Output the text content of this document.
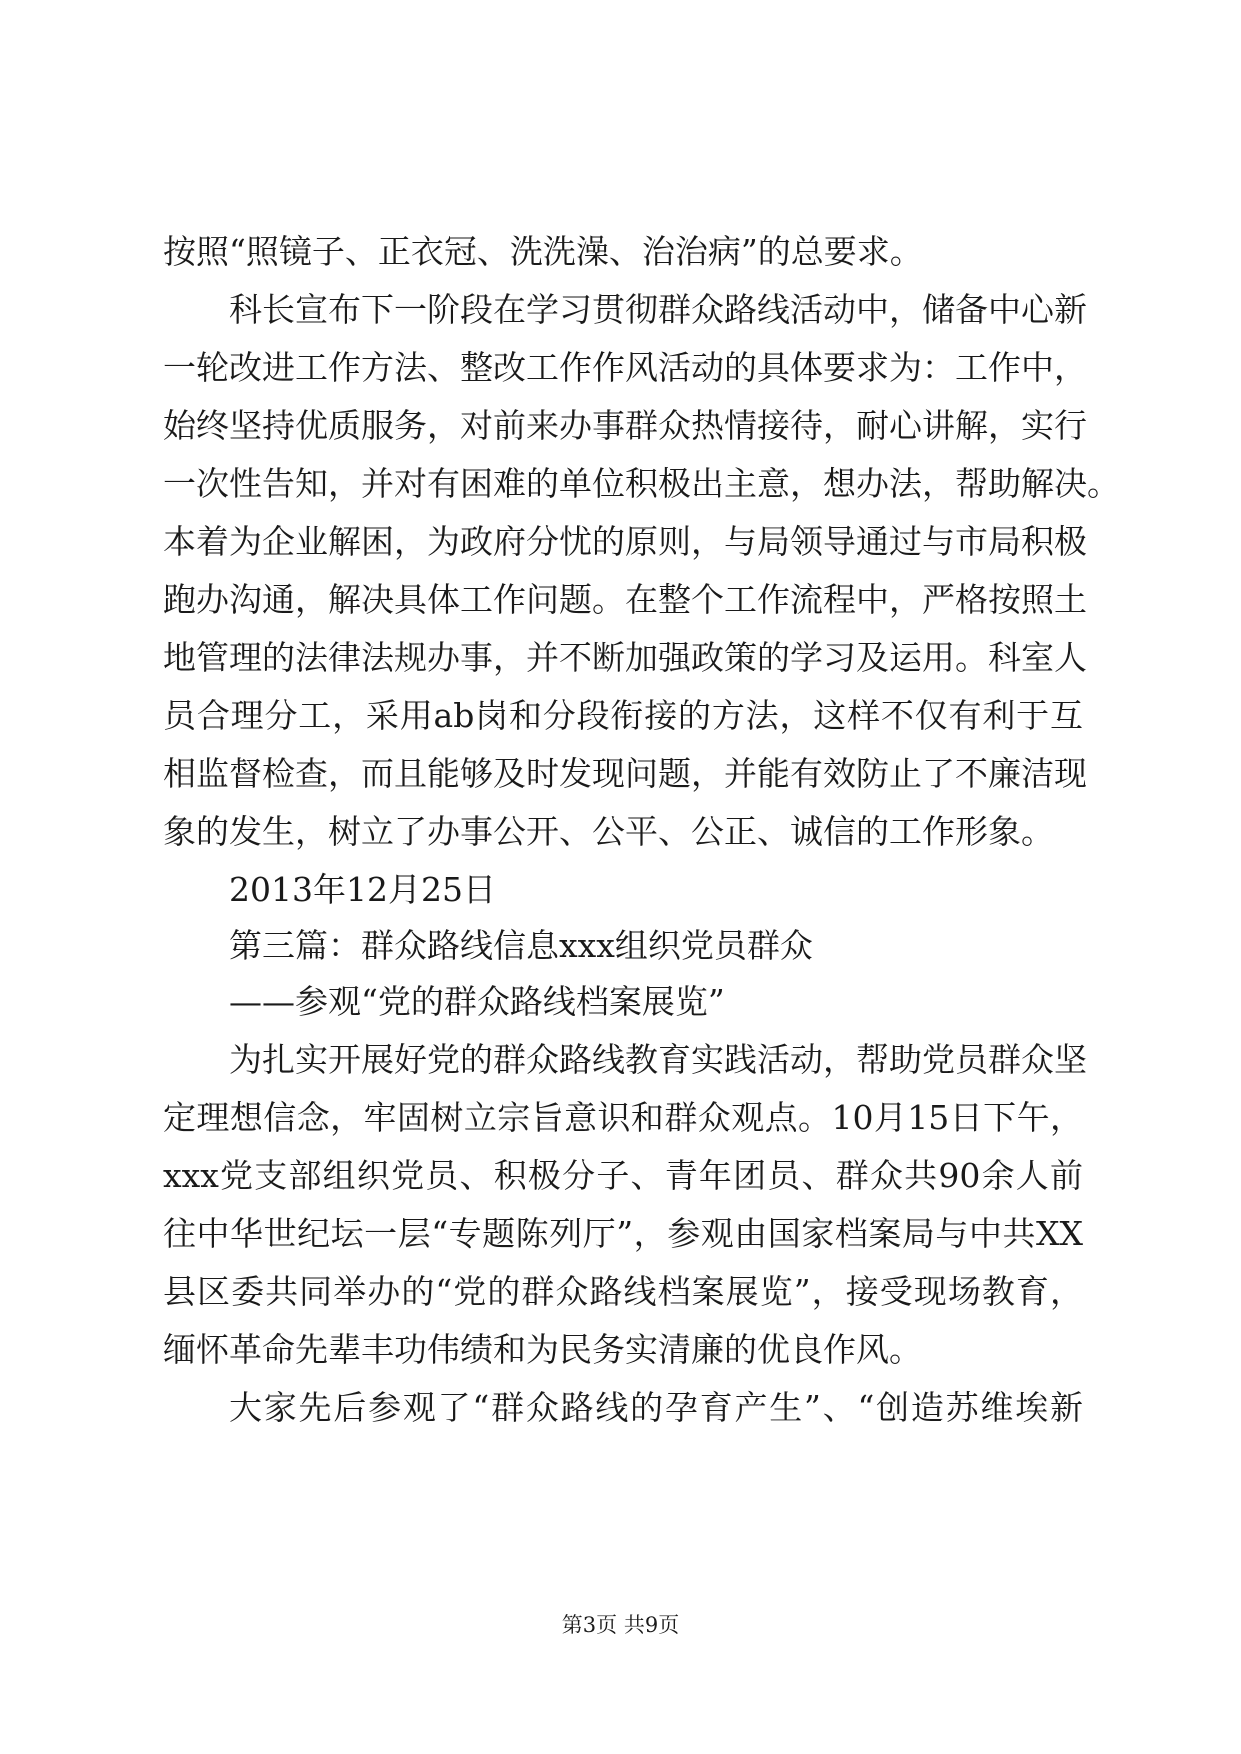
按照“照镜子、正衣冠、洗洗澡、治治病”的总要求。
科长宣布下一阶段在学习贯彻群众路线活动中，储备中心新
一轮改进工作方法、整改工作作风活动的具体要求为：工作中，
始终坚持优质服务，对前来办事群众热情接待，耐心讲解，实行
一次性告知，并对有困难的单位积极出主意，想办法，帮助解决。
本着为企业解困，为政府分忧的原则，与局领导通过与市局积极
跑办沟通，解决具体工作问题。在整个工作流程中，严格按照土
地管理的法律法规办事，并不断加强政策的学习及运用。科室人
员合理分工，采用ab岗和分段衔接的方法，这样不仅有利于互
相监督检查，而且能够及时发现问题，并能有效防止了不廉洁现
象的发生，树立了办事公开、公平、公正、诚信的工作形象。
2013年12月25日
第三篇：群众路线信息xxx组织党员群众
——参观“党的群众路线档案展览”
为扎实开展好党的群众路线教育实践活动，帮助党员群众坚
定理想信念，牢固树立宗旨意识和群众观点。10月15日下午，
xxx党支部组织党员、积极分子、青年团员、群众共90余人前
往中华世纪坛一层“专题陈列厅”，参观由国家档案局与中共XX
县区委共同举办的“党的群众路线档案展览”，接受现场教育，
缅怀革命先辈丰功伟绩和为民务实清廉的优良作风。
大家先后参观了“群众路线的孕育产生”、“创造苏维埃新
第3页 共9页
